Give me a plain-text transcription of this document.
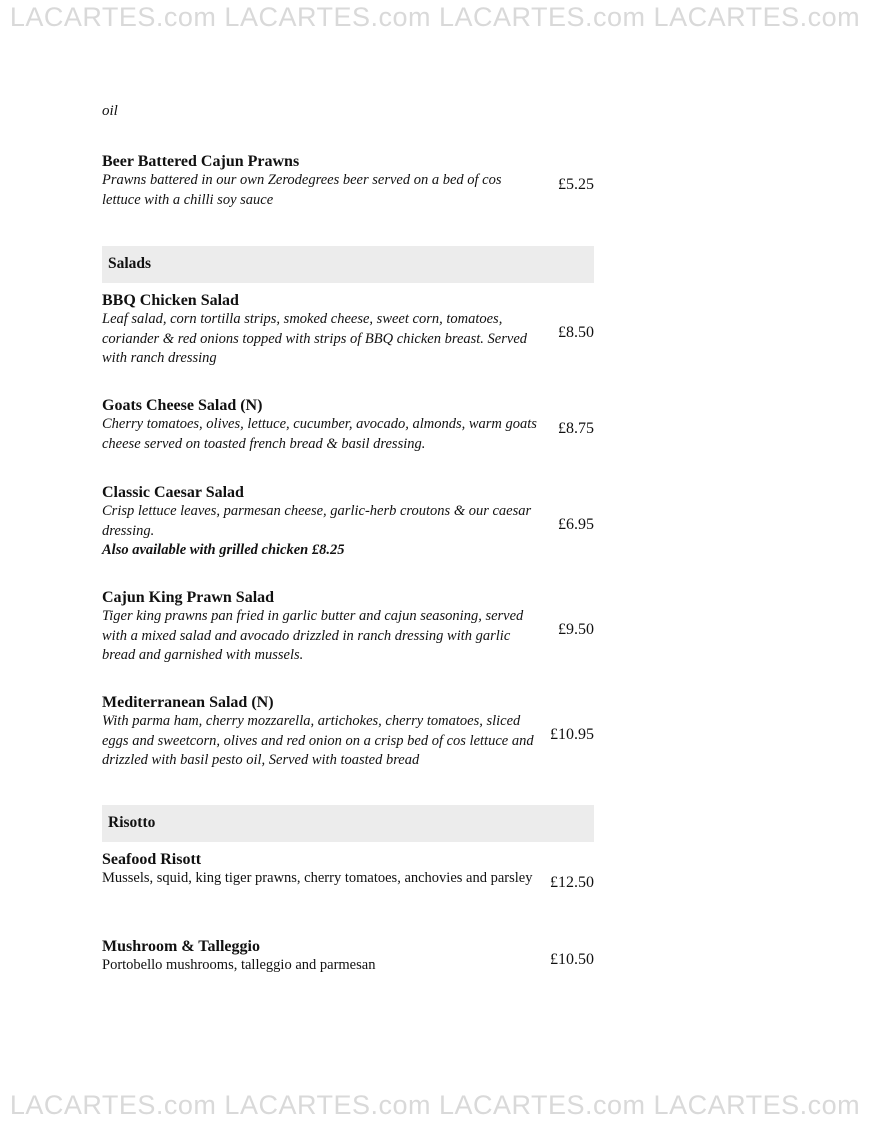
LACARTES.com LACARTES.com LACARTES.com LACARTES.com
oil

Beer Battered Cajun Prawns

Prawns battered in our own Zerodegrees beer served on a bed of cos lettuce with a chilli soy sauce

£5.25
Salads

BBQ Chicken Salad

Leaf salad, corn tortilla strips, smoked cheese, sweet corn, tomatoes, coriander & red onions topped with strips of BBQ chicken breast. Served with ranch dressing

£8.50

Goats Cheese Salad (N)

Cherry tomatoes, olives, lettuce, cucumber, avocado, almonds, warm goats cheese served on toasted french bread & basil dressing.

£8.75

Classic Caesar Salad

Crisp lettuce leaves, parmesan cheese, garlic-herb croutons & our caesar dressing.

Also available with grilled chicken £8.25

£6.95

Cajun King Prawn Salad

Tiger king prawns pan fried in garlic butter and cajun seasoning, served with a mixed salad and avocado drizzled in ranch dressing with garlic bread and garnished with mussels.

£9.50

Mediterranean Salad (N)

With parma ham, cherry mozzarella, artichokes, cherry tomatoes, sliced eggs and sweetcorn, olives and red onion on a crisp bed of cos lettuce and drizzled with basil pesto oil, Served with toasted bread

£10.95
Risotto

Seafood Risott

Mussels, squid, king tiger prawns, cherry tomatoes, anchovies and parsley	£12.50

Mushroom & Talleggio

Portobello mushrooms, talleggio and parmesan	£10.50
LACARTES.com LACARTES.com LACARTES.com LACARTES.com
